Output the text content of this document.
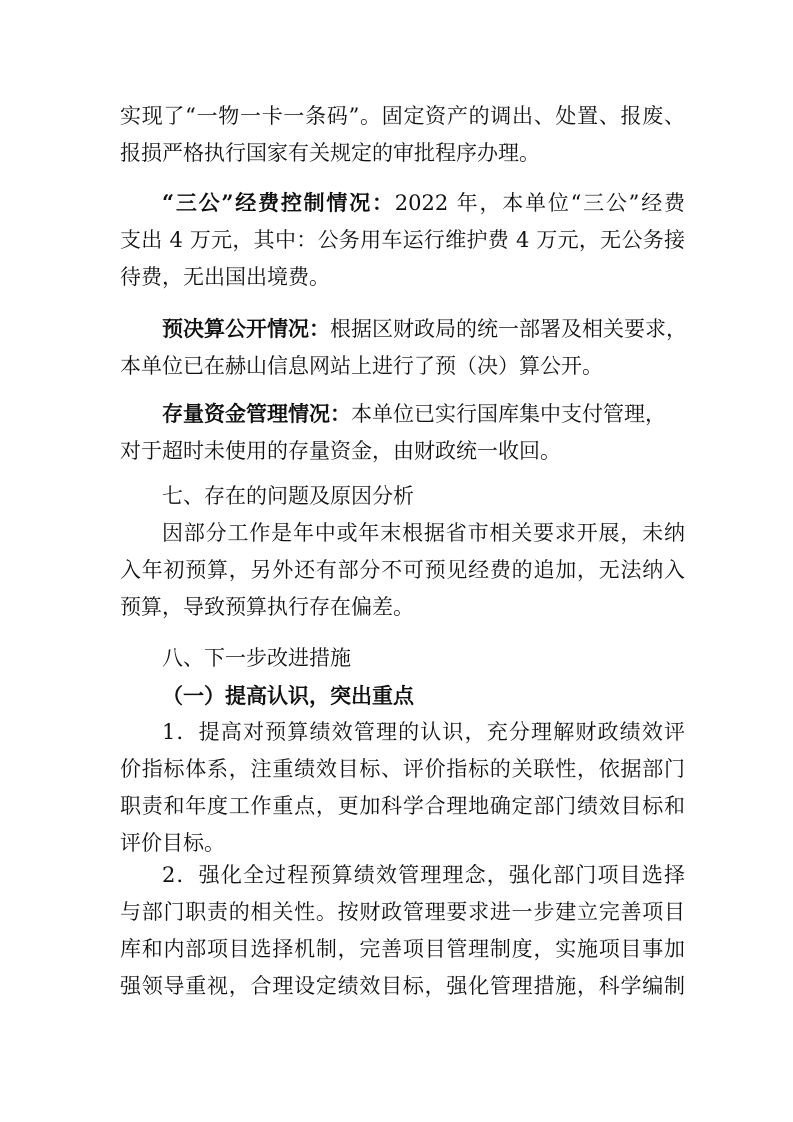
实现了“一物一卡一条码”。固定资产的调出、处置、报废、
报损严格执行国家有关规定的审批程序办理。
“三公”经费控制情况：2022 年，本单位“三公”经费
支出 4 万元，其中：公务用车运行维护费 4 万元，无公务接
待费，无出国出境费。
预决算公开情况：根据区财政局的统一部署及相关要求，
本单位已在赫山信息网站上进行了预（决）算公开。
存量资金管理情况：本单位已实行国库集中支付管理，
对于超时未使用的存量资金，由财政统一收回。
七、存在的问题及原因分析
因部分工作是年中或年末根据省市相关要求开展，未纳
入年初预算，另外还有部分不可预见经费的追加，无法纳入
预算，导致预算执行存在偏差。
八、下一步改进措施
（一）提高认识，突出重点
1．提高对预算绩效管理的认识，充分理解财政绩效评
价指标体系，注重绩效目标、评价指标的关联性，依据部门
职责和年度工作重点，更加科学合理地确定部门绩效目标和
评价目标。
2．强化全过程预算绩效管理理念，强化部门项目选择
与部门职责的相关性。按财政管理要求进一步建立完善项目
库和内部项目选择机制，完善项目管理制度，实施项目事加
强领导重视，合理设定绩效目标，强化管理措施，科学编制
